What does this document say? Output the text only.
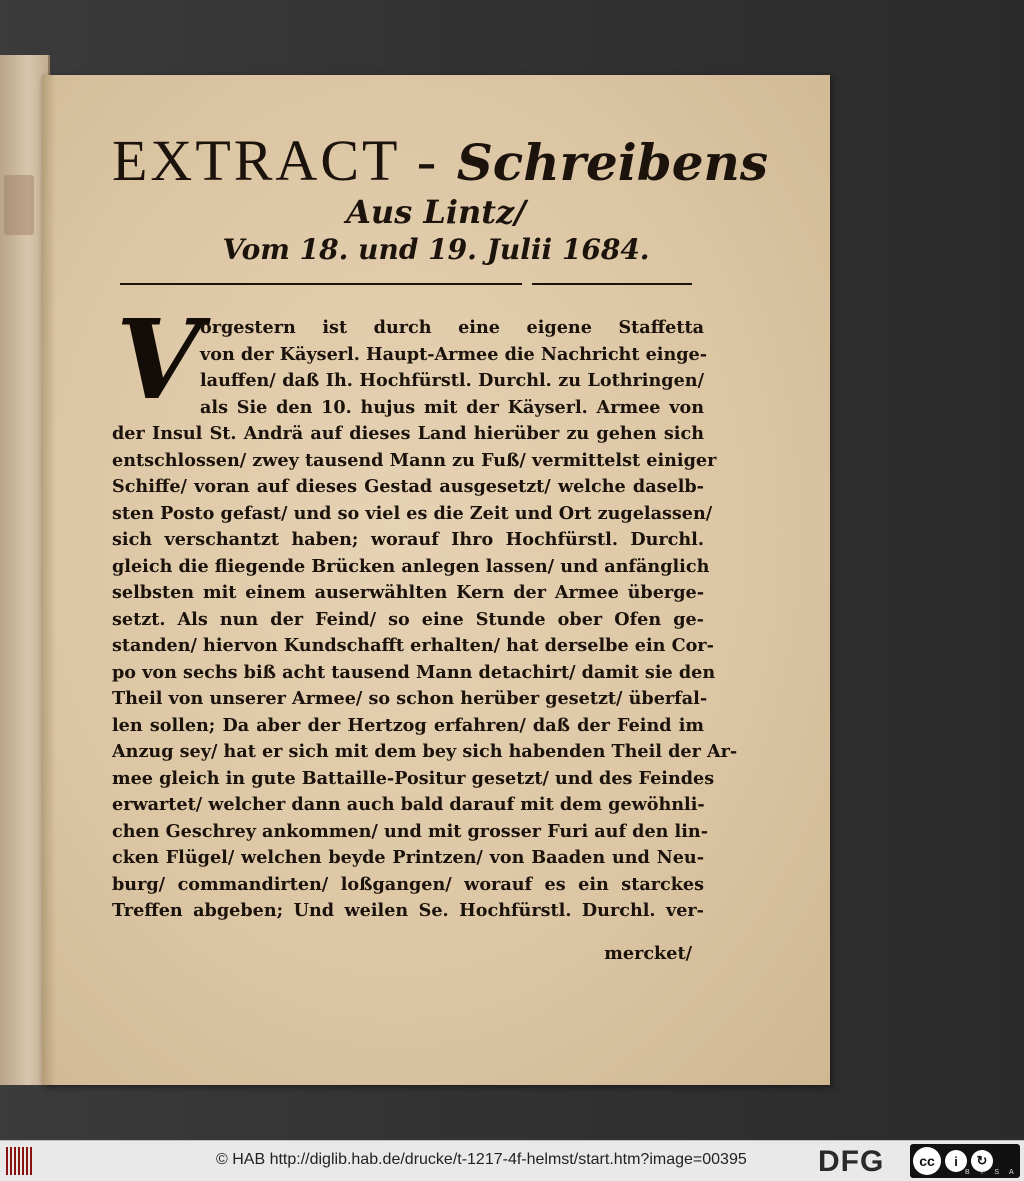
EXTRACT - Schreibens
Aus Lintz/
Vom 18. und 19. Julii 1684.
V
orgestern ist durch eine eigene Staffetta
von der Käyserl. Haupt-Armee die Nachricht einge-
lauffen/ daß Ih. Hochfürstl. Durchl. zu Lothringen/
als Sie den 10. hujus mit der Käyserl. Armee von
der Insul St. Andrä auf dieses Land hierüber zu gehen sich
entschlossen/ zwey tausend Mann zu Fuß/ vermittelst einiger
Schiffe/ voran auf dieses Gestad ausgesetzt/ welche daselb-
sten Posto gefast/ und so viel es die Zeit und Ort zugelassen/
sich verschantzt haben; worauf Ihro Hochfürstl. Durchl.
gleich die fliegende Brücken anlegen lassen/ und anfänglich
selbsten mit einem auserwählten Kern der Armee überge-
setzt. Als nun der Feind/ so eine Stunde ober Ofen ge-
standen/ hiervon Kundschafft erhalten/ hat derselbe ein Cor-
po von sechs biß acht tausend Mann detachirt/ damit sie den
Theil von unserer Armee/ so schon herüber gesetzt/ überfal-
len sollen; Da aber der Hertzog erfahren/ daß der Feind im
Anzug sey/ hat er sich mit dem bey sich habenden Theil der Ar-
mee gleich in gute Battaille-Positur gesetzt/ und des Feindes
erwartet/ welcher dann auch bald darauf mit dem gewöhnli-
chen Geschrey ankommen/ und mit grosser Furi auf den lin-
cken Flügel/ welchen beyde Printzen/ von Baaden und Neu-
burg/ commandirten/ loßgangen/ worauf es ein starckes
Treffen abgeben; Und weilen Se. Hochfürstl. Durchl. ver-
mercket/
© HAB http://diglib.hab.de/drucke/t-1217-4f-helmst/start.htm?image=00395 DFG	cc	i	↻
BYSA
